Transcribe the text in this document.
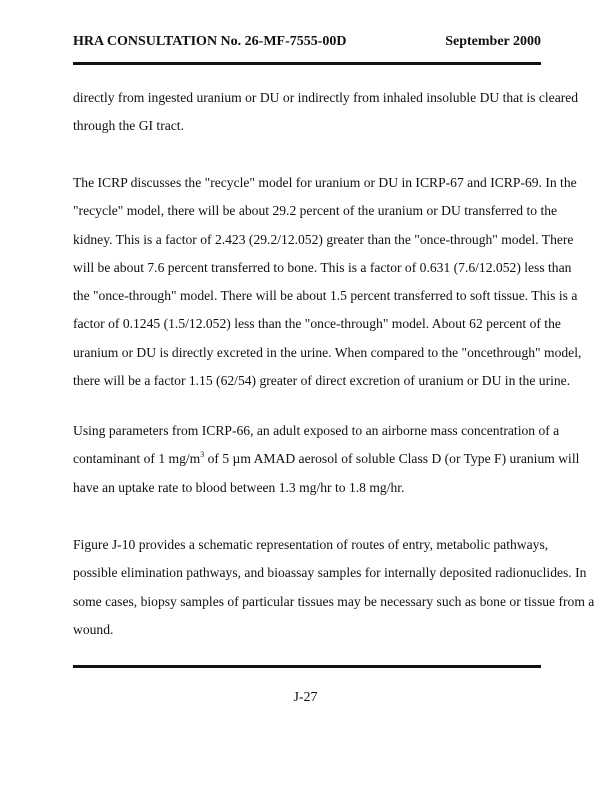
HRA CONSULTATION No. 26-MF-7555-00D	September 2000
directly from ingested uranium or DU or indirectly from inhaled insoluble DU that is cleared
through the GI tract.
The ICRP discusses the "recycle" model for uranium or DU in ICRP-67 and ICRP-69. In the
"recycle" model, there will be about 29.2 percent of the uranium or DU transferred to the
kidney. This is a factor of 2.423 (29.2/12.052) greater than the "once-through" model. There
will be about 7.6 percent transferred to bone. This is a factor of 0.631 (7.6/12.052) less than
the "once-through" model. There will be about 1.5 percent transferred to soft tissue. This is a
factor of 0.1245 (1.5/12.052) less than the "once-through" model. About 62 percent of the
uranium or DU is directly excreted in the urine. When compared to the "oncethrough" model,
there will be a factor 1.15 (62/54) greater of direct excretion of uranium or DU in the urine.
Using parameters from ICRP-66, an adult exposed to an airborne mass concentration of a
contaminant of 1 $mg/m^3$ of 5 µm AMAD aerosol of soluble Class D (or Type F) uranium will
have an uptake rate to blood between 1.3 mg/hr to 1.8 mg/hr.
Figure J-10 provides a schematic representation of routes of entry, metabolic pathways,
possible elimination pathways, and bioassay samples for internally deposited radionuclides. In
some cases, biopsy samples of particular tissues may be necessary such as bone or tissue from a
wound.
J-27
